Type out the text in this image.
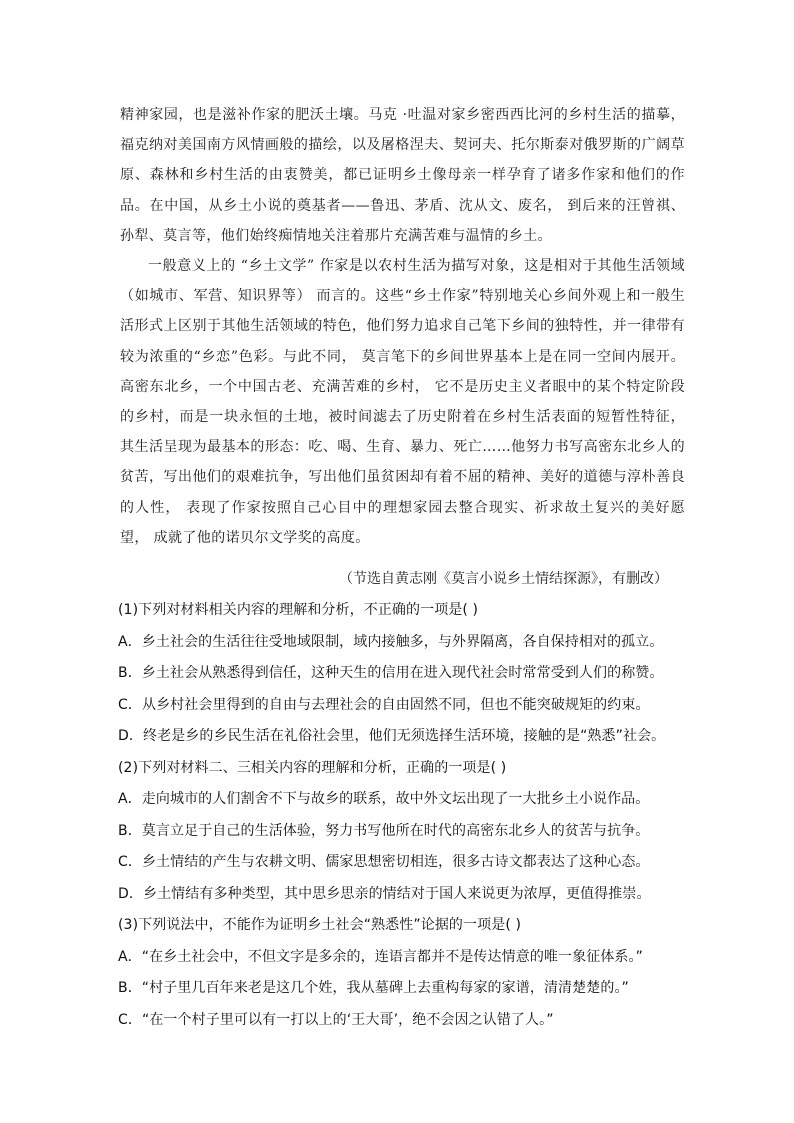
精神家园，也是滋补作家的肥沃土壤。马克 ·吐温对家乡密西西比河的乡村生活的描摹，福克纳对美国南方风情画般的描绘，以及屠格涅夫、契诃夫、托尔斯泰对俄罗斯的广阔草原、森林和乡村生活的由衷赞美，都已证明乡土像母亲一样孕育了诸多作家和他们的作品。在中国，从乡土小说的奠基者——鲁迅、茅盾、沈从文、废名， 到后来的汪曾祺、孙犁、莫言等，他们始终痴情地关注着那片充满苦难与温情的乡土。

一般意义上的 “乡土文学” 作家是以农村生活为描写对象，这是相对于其他生活领域（如城市、军营、知识界等） 而言的。这些“乡土作家”特别地关心乡间外观上和一般生活形式上区别于其他生活领域的特色，他们努力追求自己笔下乡间的独特性，并一律带有较为浓重的“乡恋”色彩。与此不同， 莫言笔下的乡间世界基本上是在同一空间内展开。高密东北乡，一个中国古老、充满苦难的乡村， 它不是历史主义者眼中的某个特定阶段的乡村，而是一块永恒的土地，被时间滤去了历史附着在乡村生活表面的短暂性特征， 其生活呈现为最基本的形态：吃、喝、生育、暴力、死亡……他努力书写高密东北乡人的贫苦，写出他们的艰难抗争，写出他们虽贫困却有着不屈的精神、美好的道德与淳朴善良的人性， 表现了作家按照自己心目中的理想家园去整合现实、祈求故土复兴的美好愿望， 成就了他的诺贝尔文学奖的高度。

（节选自黄志刚《莫言小说乡土情结探源》，有删改）
(1)下列对材料相关内容的理解和分析，不正确的一项是( )
A．乡土社会的生活往往受地域限制，域内接触多，与外界隔离，各自保持相对的孤立。
B．乡土社会从熟悉得到信任，这种天生的信用在进入现代社会时常常受到人们的称赞。
C．从乡村社会里得到的自由与去理社会的自由固然不同，但也不能突破规矩的约束。
D．终老是乡的乡民生活在礼俗社会里，他们无须选择生活环境，接触的是“熟悉”社会。
(2)下列对材料二、三相关内容的理解和分析，正确的一项是( )
A．走向城市的人们割舍不下与故乡的联系，故中外文坛出现了一大批乡土小说作品。
B．莫言立足于自己的生活体验，努力书写他所在时代的高密东北乡人的贫苦与抗争。
C．乡土情结的产生与农耕文明、儒家思想密切相连，很多古诗文都表达了这种心态。
D．乡土情结有多种类型，其中思乡思亲的情结对于国人来说更为浓厚，更值得推崇。
(3)下列说法中，不能作为证明乡土社会“熟悉性”论据的一项是( )
A．“在乡土社会中，不但文字是多余的，连语言都并不是传达情意的唯一象征体系。”
B．“村子里几百年来老是这几个姓，我从墓碑上去重构每家的家谱，清清楚楚的。”
C．“在一个村子里可以有一打以上的‘王大哥’，绝不会因之认错了人。”
